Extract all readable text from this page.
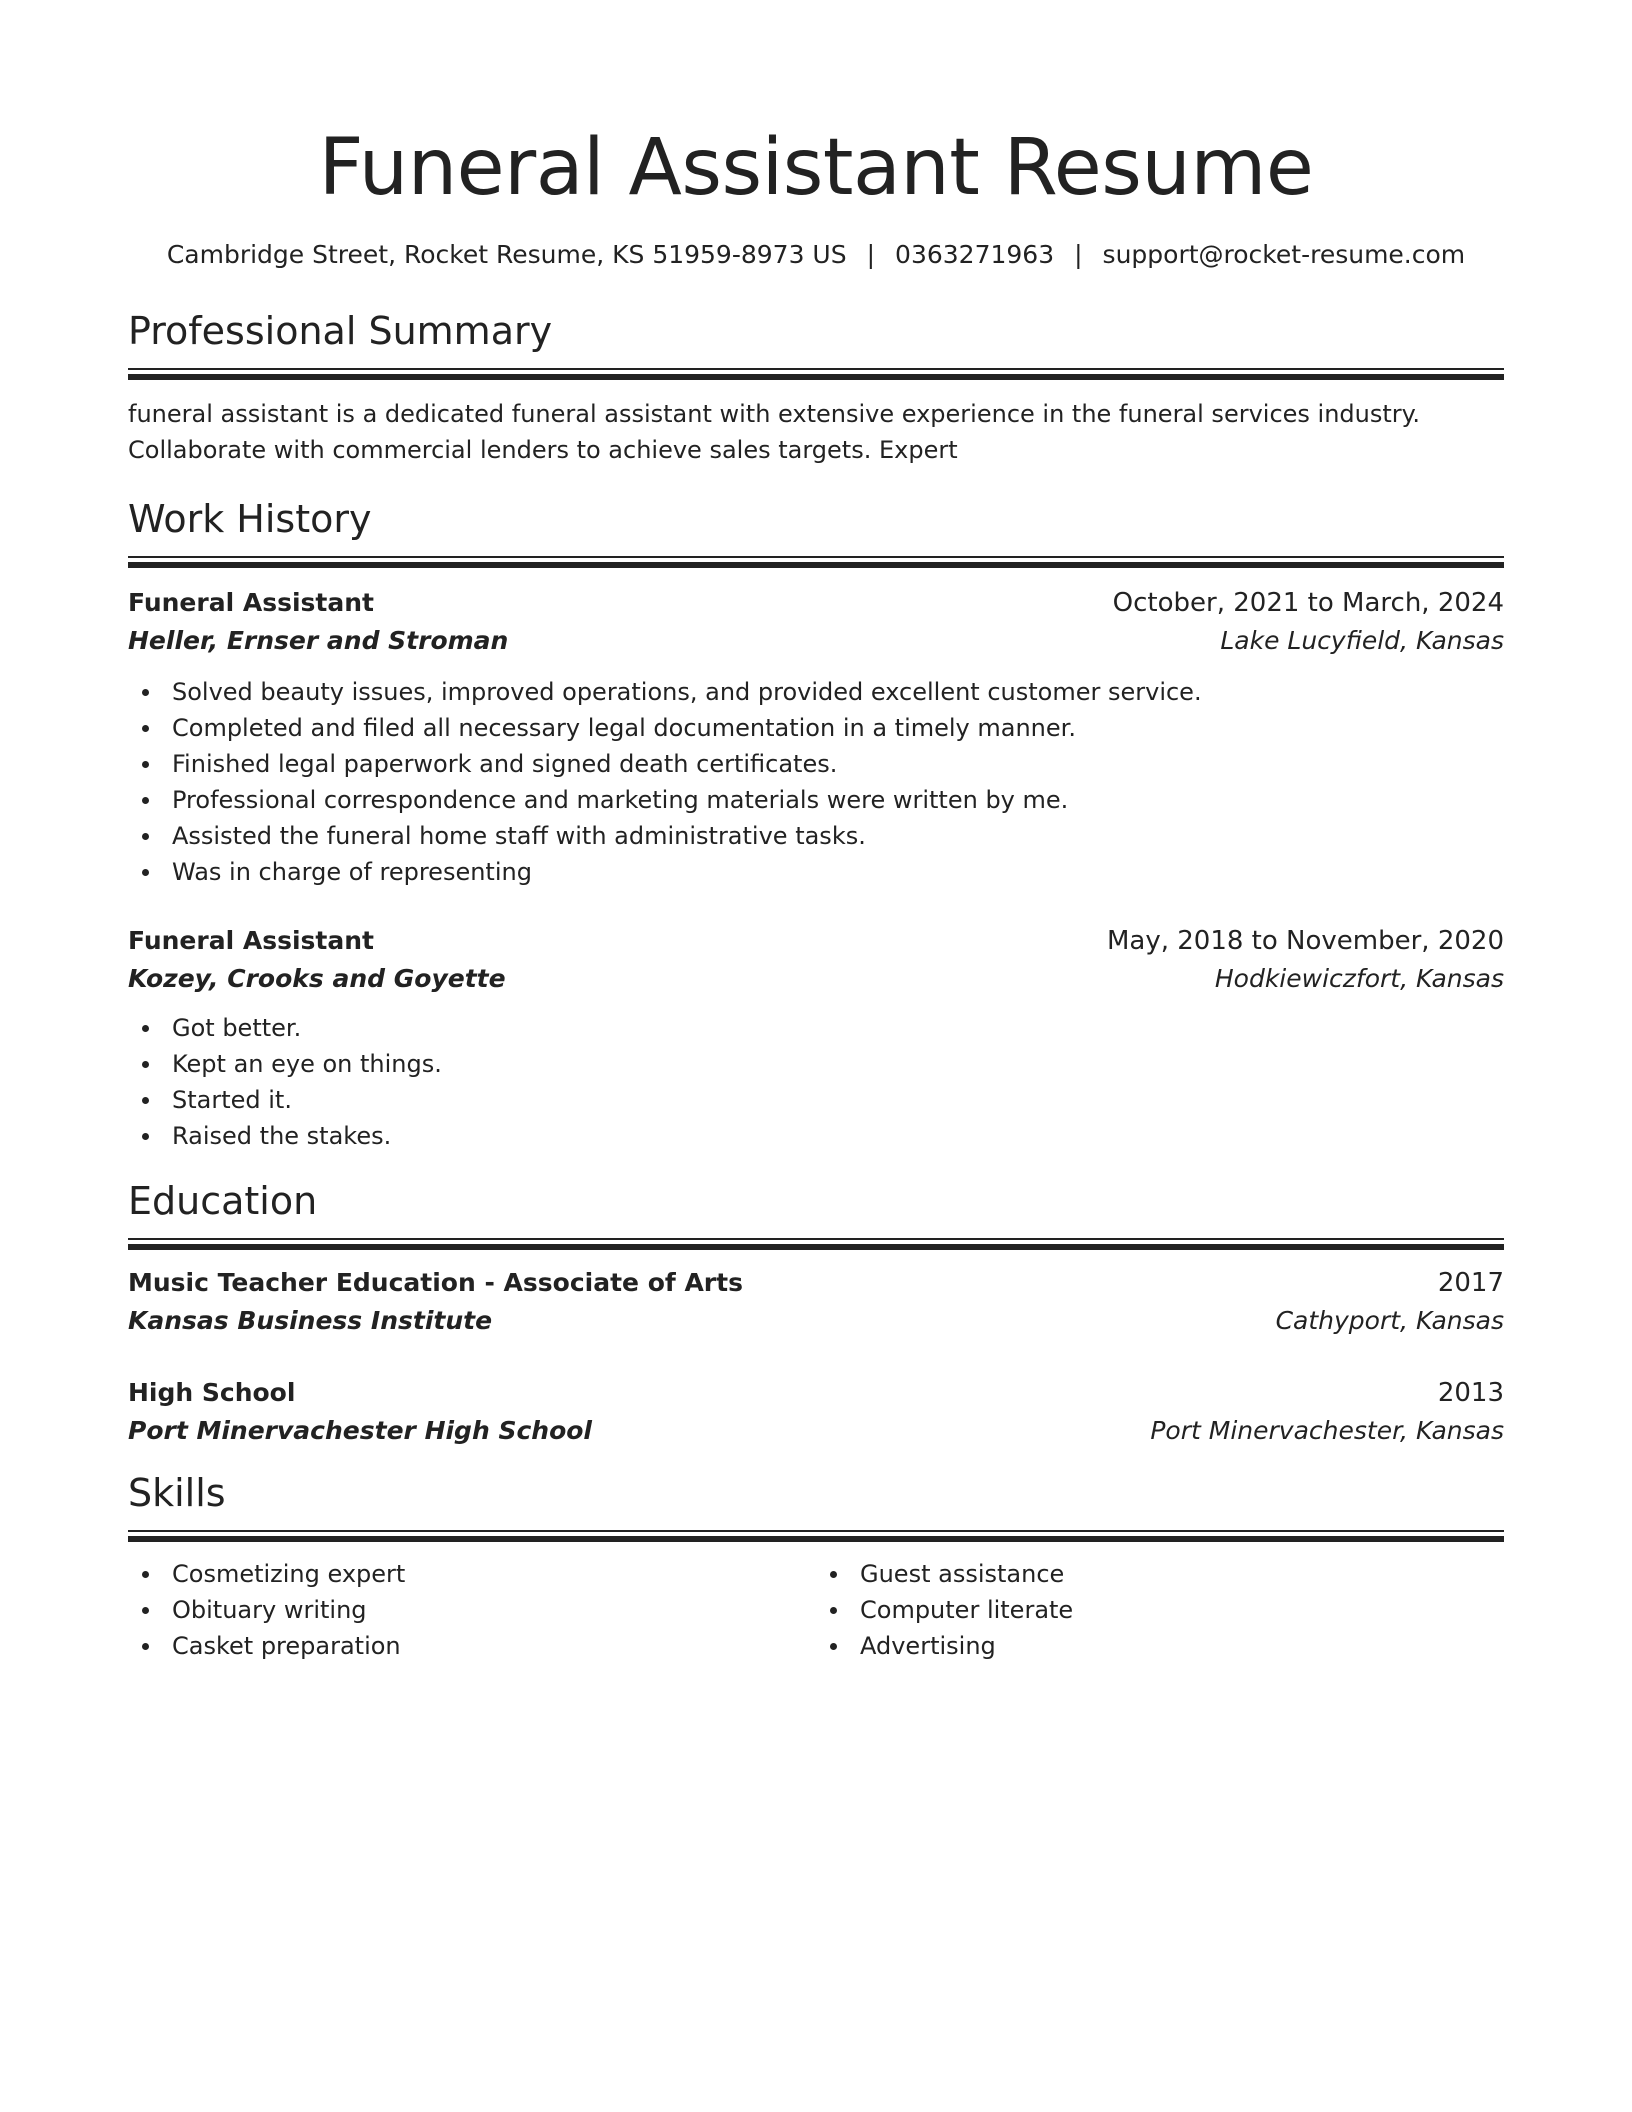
Funeral Assistant Resume
Cambridge Street, Rocket Resume, KS 51959-8973 US | 0363271963 | support@rocket-resume.com
Professional Summary
funeral assistant is a dedicated funeral assistant with extensive experience in the funeral services industry. Collaborate with commercial lenders to achieve sales targets. Expert
Work History
Funeral Assistant	October, 2021 to March, 2024
Heller, Ernser and Stroman	Lake Lucyfield, Kansas
Solved beauty issues, improved operations, and provided excellent customer service.
Completed and filed all necessary legal documentation in a timely manner.
Finished legal paperwork and signed death certificates.
Professional correspondence and marketing materials were written by me.
Assisted the funeral home staff with administrative tasks.
Was in charge of representing
Funeral Assistant	May, 2018 to November, 2020
Kozey, Crooks and Goyette	Hodkiewiczfort, Kansas
Got better.
Kept an eye on things.
Started it.
Raised the stakes.
Education
Music Teacher Education - Associate of Arts	2017
Kansas Business Institute	Cathyport, Kansas
High School	2013
Port Minervachester High School	Port Minervachester, Kansas
Skills
Cosmetizing expert
Obituary writing
Casket preparation
Guest assistance
Computer literate
Advertising
